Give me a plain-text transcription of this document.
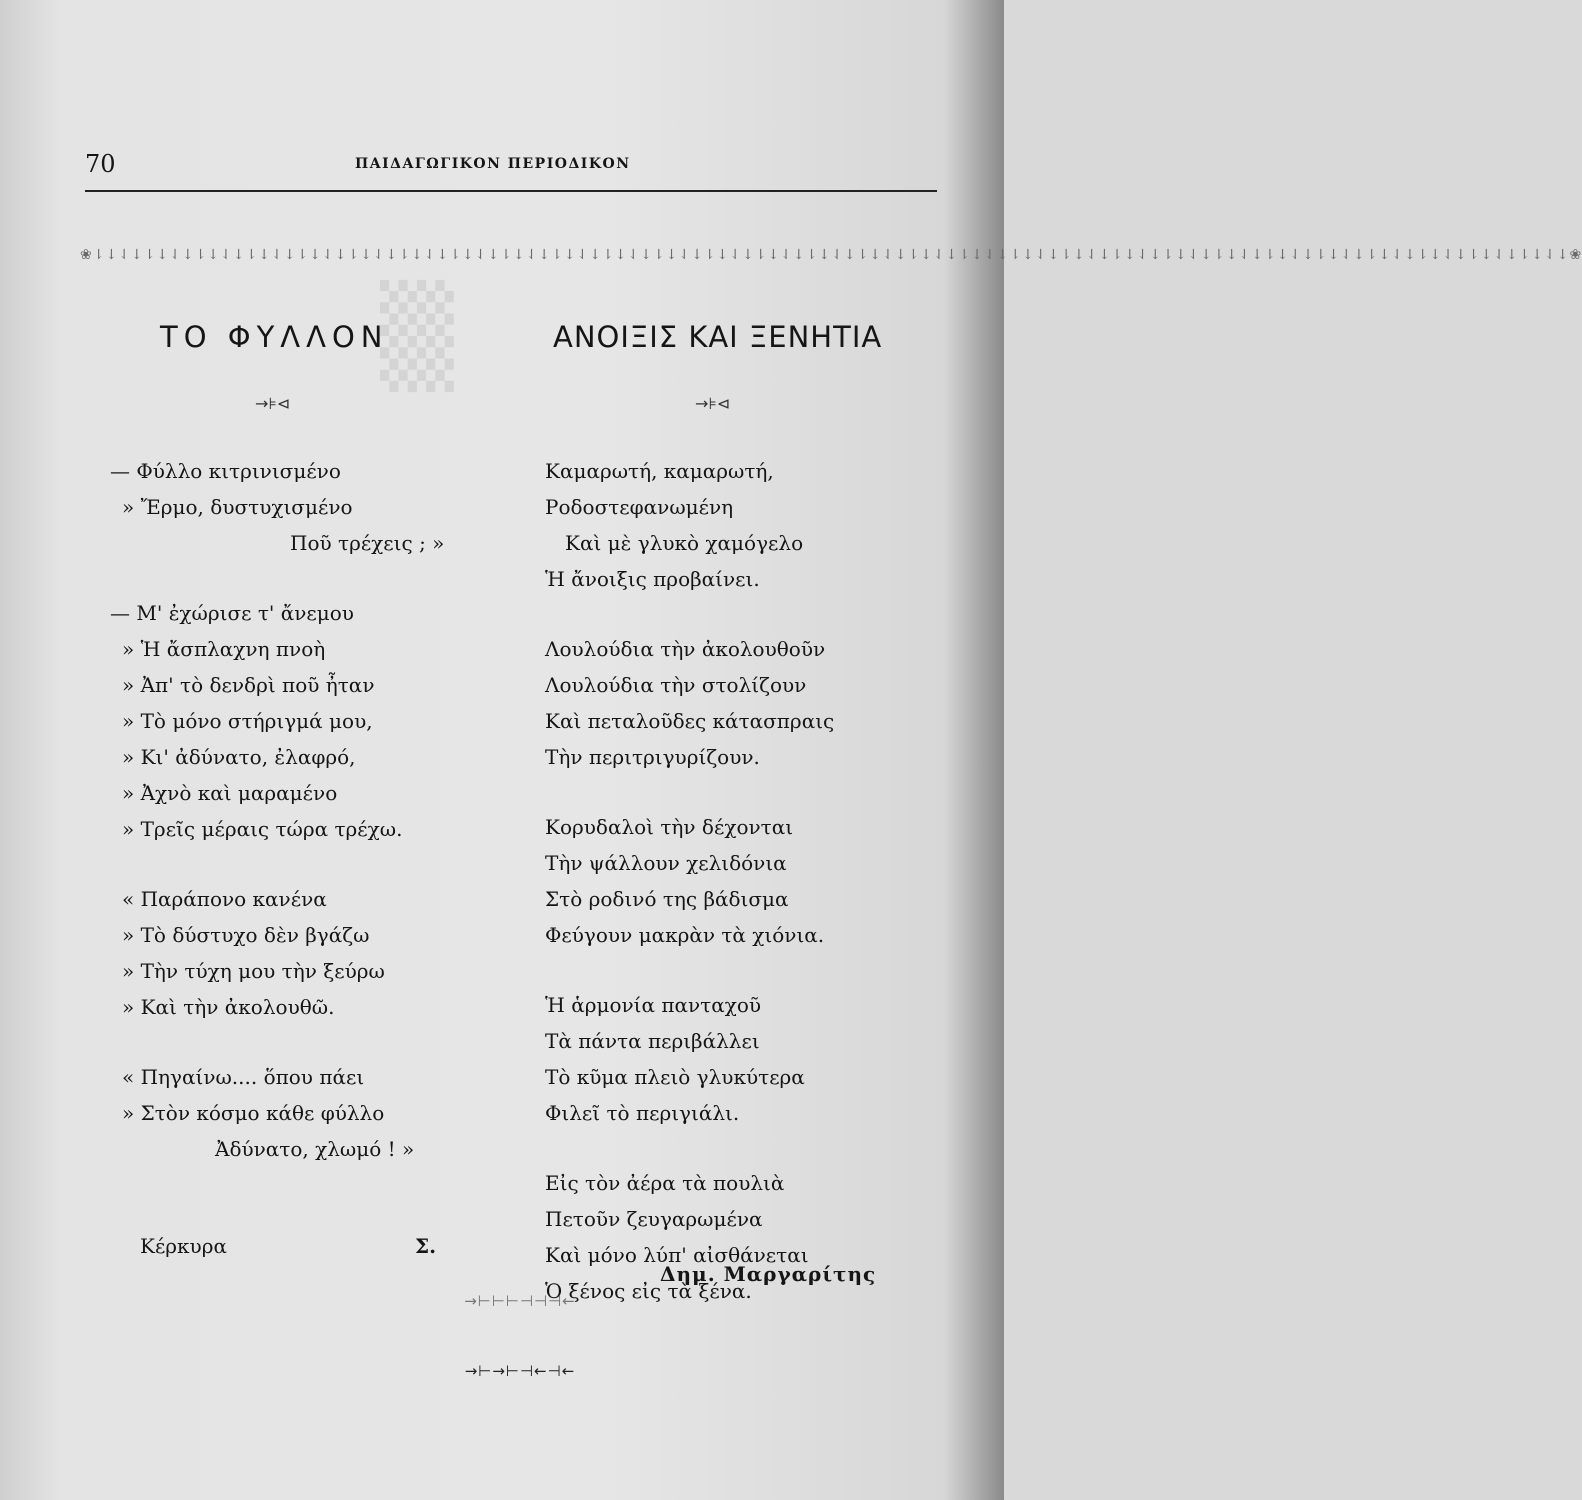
▒
70	ΠΑΙΔΑΓΩΓΙΚΟΝ ΠΕΡΙΟΔΙΚΟΝ
❀ ⇂↓⇃↓⇂↓⇃↓⇂↓⇃↓⇂↓⇃↓⇂↓⇃↓⇂↓⇃↓⇂↓⇃↓⇂↓⇃↓⇂↓⇃↓⇂↓⇃↓⇂↓⇃↓⇂↓⇃↓⇂↓⇃↓⇂↓⇃↓⇂↓⇃↓⇂↓⇃↓⇂↓⇃↓⇂↓⇃↓⇂↓⇃↓⇂↓⇃↓⇂↓⇃↓⇂↓⇃↓⇂↓⇃↓⇂↓⇃↓⇂↓⇃↓⇂↓⇃↓⇂↓⇃↓⇂↓⇃↓⇂↓⇃↓ ❀
ΤΟ ΦΥΛΛΟΝ
→⊧⊲
— Φύλλο κιτρινισμένο
» Ἔρμο, δυστυχισμένο
Ποῦ τρέχεις ; »
— Μ' ἐχώρισε τ' ἄνεμου
» Ἡ ἄσπλαχνη πνοὴ
» Ἀπ' τὸ δενδρὶ ποῦ ἦταν
» Τὸ μόνο στήριγμά μου,
» Κι' ἀδύνατο, ἐλαφρό,
» Ἀχνὸ καὶ μαραμένο
» Τρεῖς μέραις τώρα τρέχω.
« Παράπονο κανένα
» Τὸ δύστυχο δὲν βγάζω
» Τὴν τύχη μου τὴν ξεύρω
» Καὶ τὴν ἀκολουθῶ.
« Πηγαίνω.... ὅπου πάει
» Στὸν κόσμο κάθε φύλλο
Ἀδύνατο, χλωμό ! »
Κέρκυρα	Σ.
ΑΝΟΙΞΙΣ ΚΑΙ ΞΕΝΗΤΙΑ
→⊧⊲
Καμαρωτή, καμαρωτή,
Ροδοστεφανωμένη
Καὶ μὲ γλυκὸ χαμόγελο
Ἡ ἄνοιξις προβαίνει.
Λουλούδια τὴν ἀκολουθοῦν
Λουλούδια τὴν στολίζουν
Καὶ πεταλοῦδες κάτασπραις
Τὴν περιτριγυρίζουν.
Κορυδαλοὶ τὴν δέχονται
Τὴν ψάλλουν χελιδόνια
Στὸ ροδινό της βάδισμα
Φεύγουν μακρὰν τὰ χιόνια.
Ἡ ἁρμονία πανταχοῦ
Τὰ πάντα περιβάλλει
Τὸ κῦμα πλειὸ γλυκύτερα
Φιλεῖ τὸ περιγιάλι.
Εἰς τὸν ἀέρα τὰ πουλιὰ
Πετοῦν ζευγαρωμένα
Καὶ μόνο λύπ' αἰσθάνεται
Ὁ ξένος εἰς τὰ ξένα.
Δημ. Μαργαρίτης
→⊢⊢⊢⊣⊣⊣←
→⊢→⊢⊣←⊣←
